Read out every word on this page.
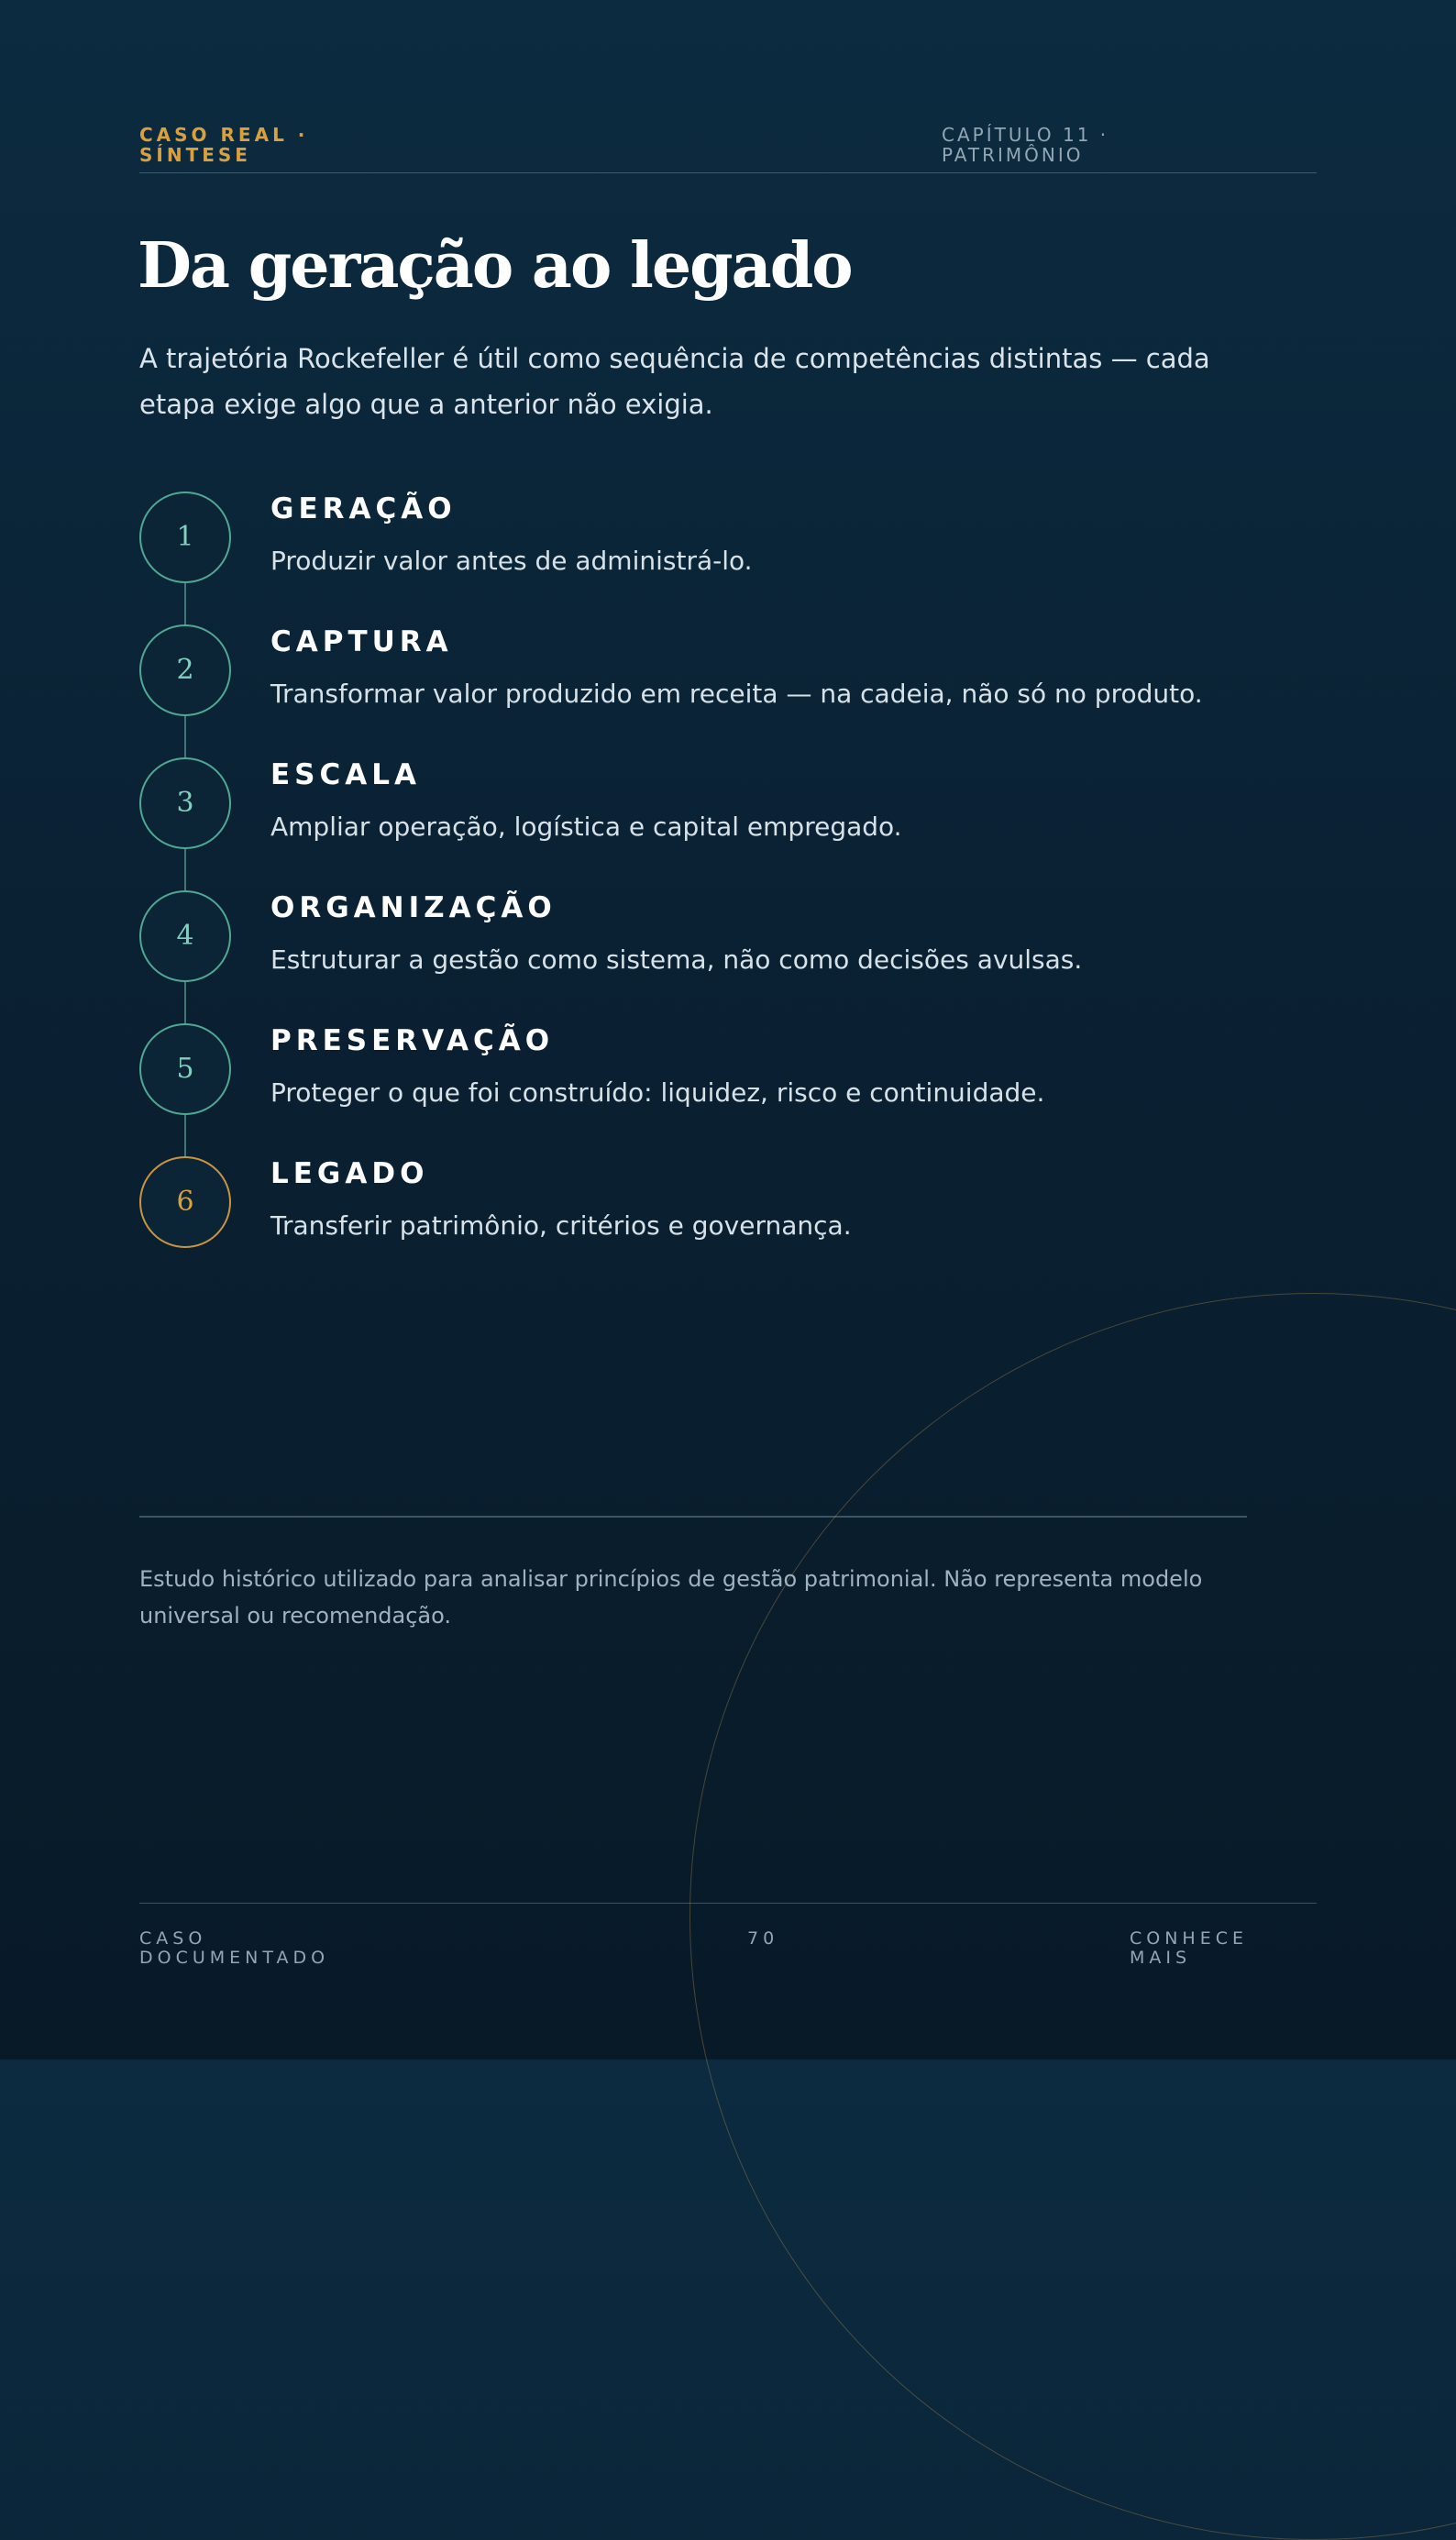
CASO REAL · SÍNTESE
CAPÍTULO 11 · PATRIMÔNIO
Da geração ao legado

A trajetória Rockefeller é útil como sequência de competências distintas — cada etapa exige algo que a anterior não exigia.

1
GERAÇÃO
Produzir valor antes de administrá-lo.
2
CAPTURA
Transformar valor produzido em receita — na cadeia, não só no produto.
3
ESCALA
Ampliar operação, logística e capital empregado.
4
ORGANIZAÇÃO
Estruturar a gestão como sistema, não como decisões avulsas.
5
PRESERVAÇÃO
Proteger o que foi construído: liquidez, risco e continuidade.
6
LEGADO
Transferir patrimônio, critérios e governança.

Estudo histórico utilizado para analisar princípios de gestão patrimonial. Não representa modelo universal ou recomendação.

CASO DOCUMENTADO
70	CONHECE MAIS
